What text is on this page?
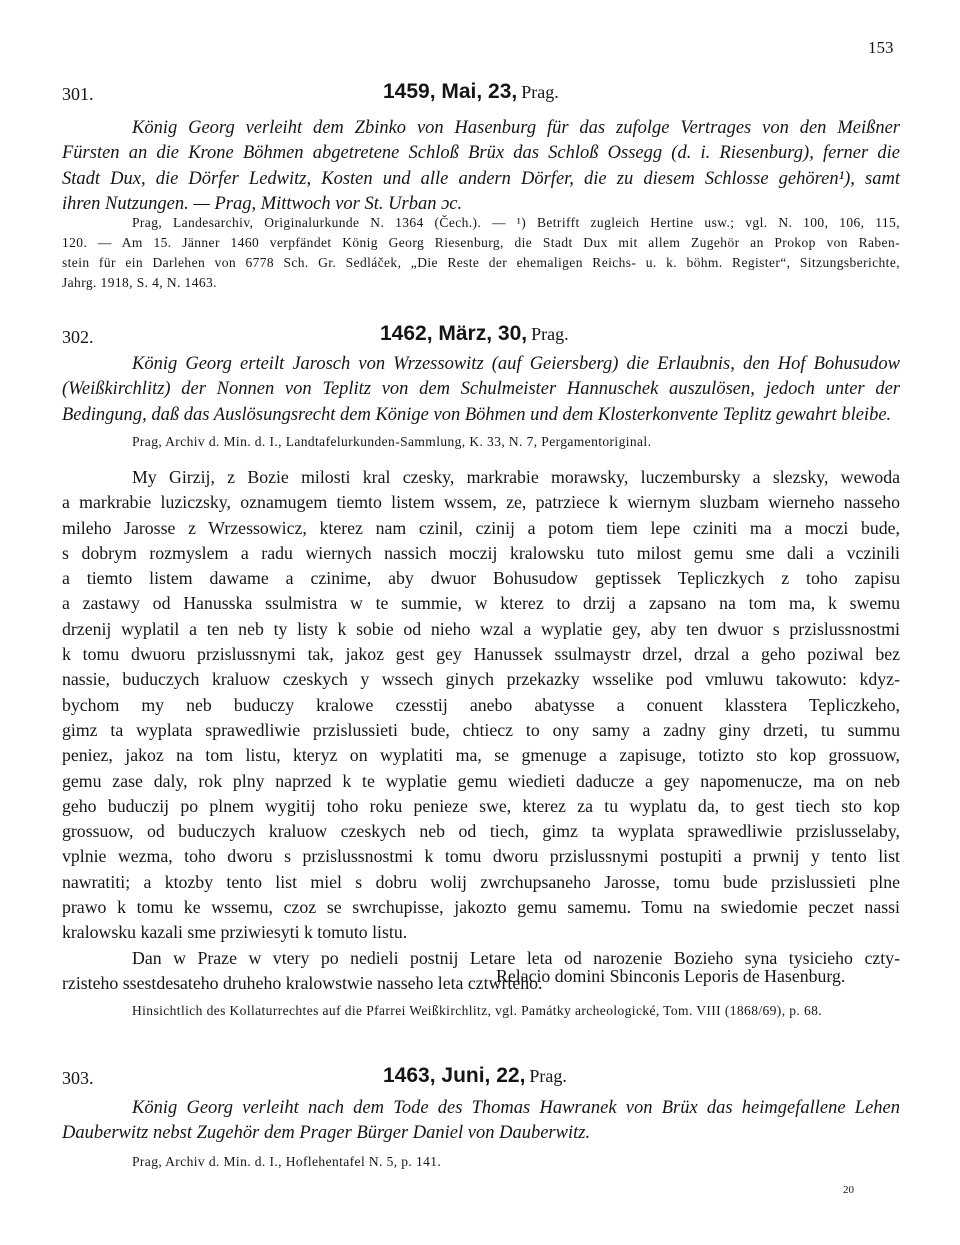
153
301.	1459, Mai, 23, Prag.
König Georg verleiht dem Zbinko von Hasenburg für das zufolge Vertrages von den Meißner
Fürsten an die Krone Böhmen abgetretene Schloß Brüx das Schloß Ossegg (d. i. Riesenburg), ferner die
Stadt Dux, die Dörfer Ledwitz, Kosten und alle andern Dörfer, die zu diesem Schlosse gehören¹), samt
ihren Nutzungen. — Prag, Mittwoch vor St. Urban ɔc.
Prag, Landesarchiv, Originalurkunde N. 1364 (Čech.). — ¹) Betrifft zugleich Hertine usw.; vgl. N. 100, 106, 115,
120. — Am 15. Jänner 1460 verpfändet König Georg Riesenburg, die Stadt Dux mit allem Zugehör an Prokop von Raben-
stein für ein Darlehen von 6778 Sch. Gr. Sedláček, „Die Reste der ehemaligen Reichs- u. k. böhm. Register“, Sitzungsberichte,
Jahrg. 1918, S. 4, N. 1463.
302.	1462, März, 30, Prag.
König Georg erteilt Jarosch von Wrzessowitz (auf Geiersberg) die Erlaubnis, den Hof Bohusudow
(Weißkirchlitz) der Nonnen von Teplitz von dem Schulmeister Hannuschek auszulösen, jedoch unter der
Bedingung, daß das Auslösungsrecht dem Könige von Böhmen und dem Klosterkonvente Teplitz gewahrt bleibe.
Prag, Archiv d. Min. d. I., Landtafelurkunden-Sammlung, K. 33, N. 7, Pergamentoriginal.
My Girzij, z Bozie milosti kral czesky, markrabie morawsky, luczembursky a slezsky, wewoda
a markrabie luziczsky, oznamugem tiemto listem wssem, ze, patrziece k wiernym sluzbam wierneho nasseho
mileho Jarosse z Wrzessowicz, kterez nam czinil, czinij a potom tiem lepe cziniti ma a moczi bude,
s dobrym rozmyslem a radu wiernych nassich moczij kralowsku tuto milost gemu sme dali a vczinili
a tiemto listem dawame a czinime, aby dwuor Bohusudow geptissek Tepliczkych z toho zapisu
a zastawy od Hanusska ssulmistra w te summie, w kterez to drzij a zapsano na tom ma, k swemu
drzenij wyplatil a ten neb ty listy k sobie od nieho wzal a wyplatie gey, aby ten dwuor s przislussnostmi
k tomu dwuoru przislussnymi tak, jakoz gest gey Hanussek ssulmaystr drzel, drzal a geho poziwal bez
nassie, buduczych kraluow czeskych y wssech ginych przekazky wsselike pod vmluwu takowuto: kdyz-
bychom my neb buduczy kralowe czesstij anebo abatysse a conuent klasstera Tepliczkeho,
gimz ta wyplata sprawedliwie przislussieti bude, chtiecz to ony samy a zadny giny drzeti, tu summu
peniez, jakoz na tom listu, kteryz on wyplatiti ma, se gmenuge a zapisuge, totizto sto kop grossuow,
gemu zase daly, rok plny naprzed k te wyplatie gemu wiedieti daducze a gey napomenucze, ma on neb
geho buduczij po plnem wygitij toho roku penieze swe, kterez za tu wyplatu da, to gest tiech sto kop
grossuow, od buduczych kraluow czeskych neb od tiech, gimz ta wyplata sprawedliwie przislusselaby,
vplnie wezma, toho dworu s przislussnostmi k tomu dworu przislussnymi postupiti a prwnij y tento list
nawratiti; a ktozby tento list miel s dobru wolij zwrchupsaneho Jarosse, tomu bude przislussieti plne
prawo k tomu ke wssemu, czoz se swrchupisse, jakozto gemu samemu. Tomu na swiedomie peczet nassi
kralowsku kazali sme prziwiesyti k tomuto listu.
Dan w Praze w vtery po nedieli postnij Letare leta od narozenie Bozieho syna tysicieho czty-
rzisteho ssestdesateho druheho kralowstwie nasseho leta cztwrteho.
Relacio domini Sbinconis Leporis de Hasenburg.
Hinsichtlich des Kollaturrechtes auf die Pfarrei Weißkirchlitz, vgl. Památky archeologické, Tom. VIII (1868/69), p. 68.
303.	1463, Juni, 22, Prag.
König Georg verleiht nach dem Tode des Thomas Hawranek von Brüx das heimgefallene Lehen
Dauberwitz nebst Zugehör dem Prager Bürger Daniel von Dauberwitz.
Prag, Archiv d. Min. d. I., Hoflehentafel N. 5, p. 141.
20
